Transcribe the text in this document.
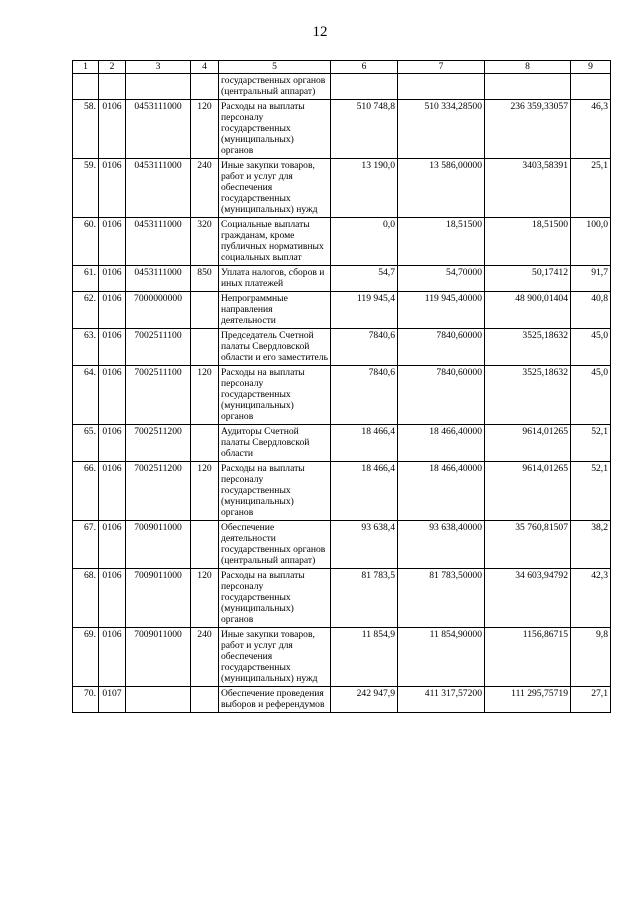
12
1	2	3	4	5	6	7	8	9
				государственных органов (центральный аппарат)				
58.	0106	0453111000	120	Расходы на выплаты персоналу государственных (муниципальных) органов	510 748,8	510 334,28500	236 359,33057	46,3
59.	0106	0453111000	240	Иные закупки товаров, работ и услуг для обеспечения государственных (муниципальных) нужд	13 190,0	13 586,00000	3403,58391	25,1
60.	0106	0453111000	320	Социальные выплаты гражданам, кроме публичных нормативных социальных выплат	0,0	18,51500	18,51500	100,0
61.	0106	0453111000	850	Уплата налогов, сборов и иных платежей	54,7	54,70000	50,17412	91,7
62.	0106	7000000000		Непрограммные направления деятельности	119 945,4	119 945,40000	48 900,01404	40,8
63.	0106	7002511100		Председатель Счетной палаты Свердловской области и его заместитель	7840,6	7840,60000	3525,18632	45,0
64.	0106	7002511100	120	Расходы на выплаты персоналу государственных (муниципальных) органов	7840,6	7840,60000	3525,18632	45,0
65.	0106	7002511200		Аудиторы Счетной палаты Свердловской области	18 466,4	18 466,40000	9614,01265	52,1
66.	0106	7002511200	120	Расходы на выплаты персоналу государственных (муниципальных) органов	18 466,4	18 466,40000	9614,01265	52,1
67.	0106	7009011000		Обеспечение деятельности государственных органов (центральный аппарат)	93 638,4	93 638,40000	35 760,81507	38,2
68.	0106	7009011000	120	Расходы на выплаты персоналу государственных (муниципальных) органов	81 783,5	81 783,50000	34 603,94792	42,3
69.	0106	7009011000	240	Иные закупки товаров, работ и услуг для обеспечения государственных (муниципальных) нужд	11 854,9	11 854,90000	1156,86715	9,8
70.	0107			Обеспечение проведения выборов и референдумов	242 947,9	411 317,57200	111 295,75719	27,1
